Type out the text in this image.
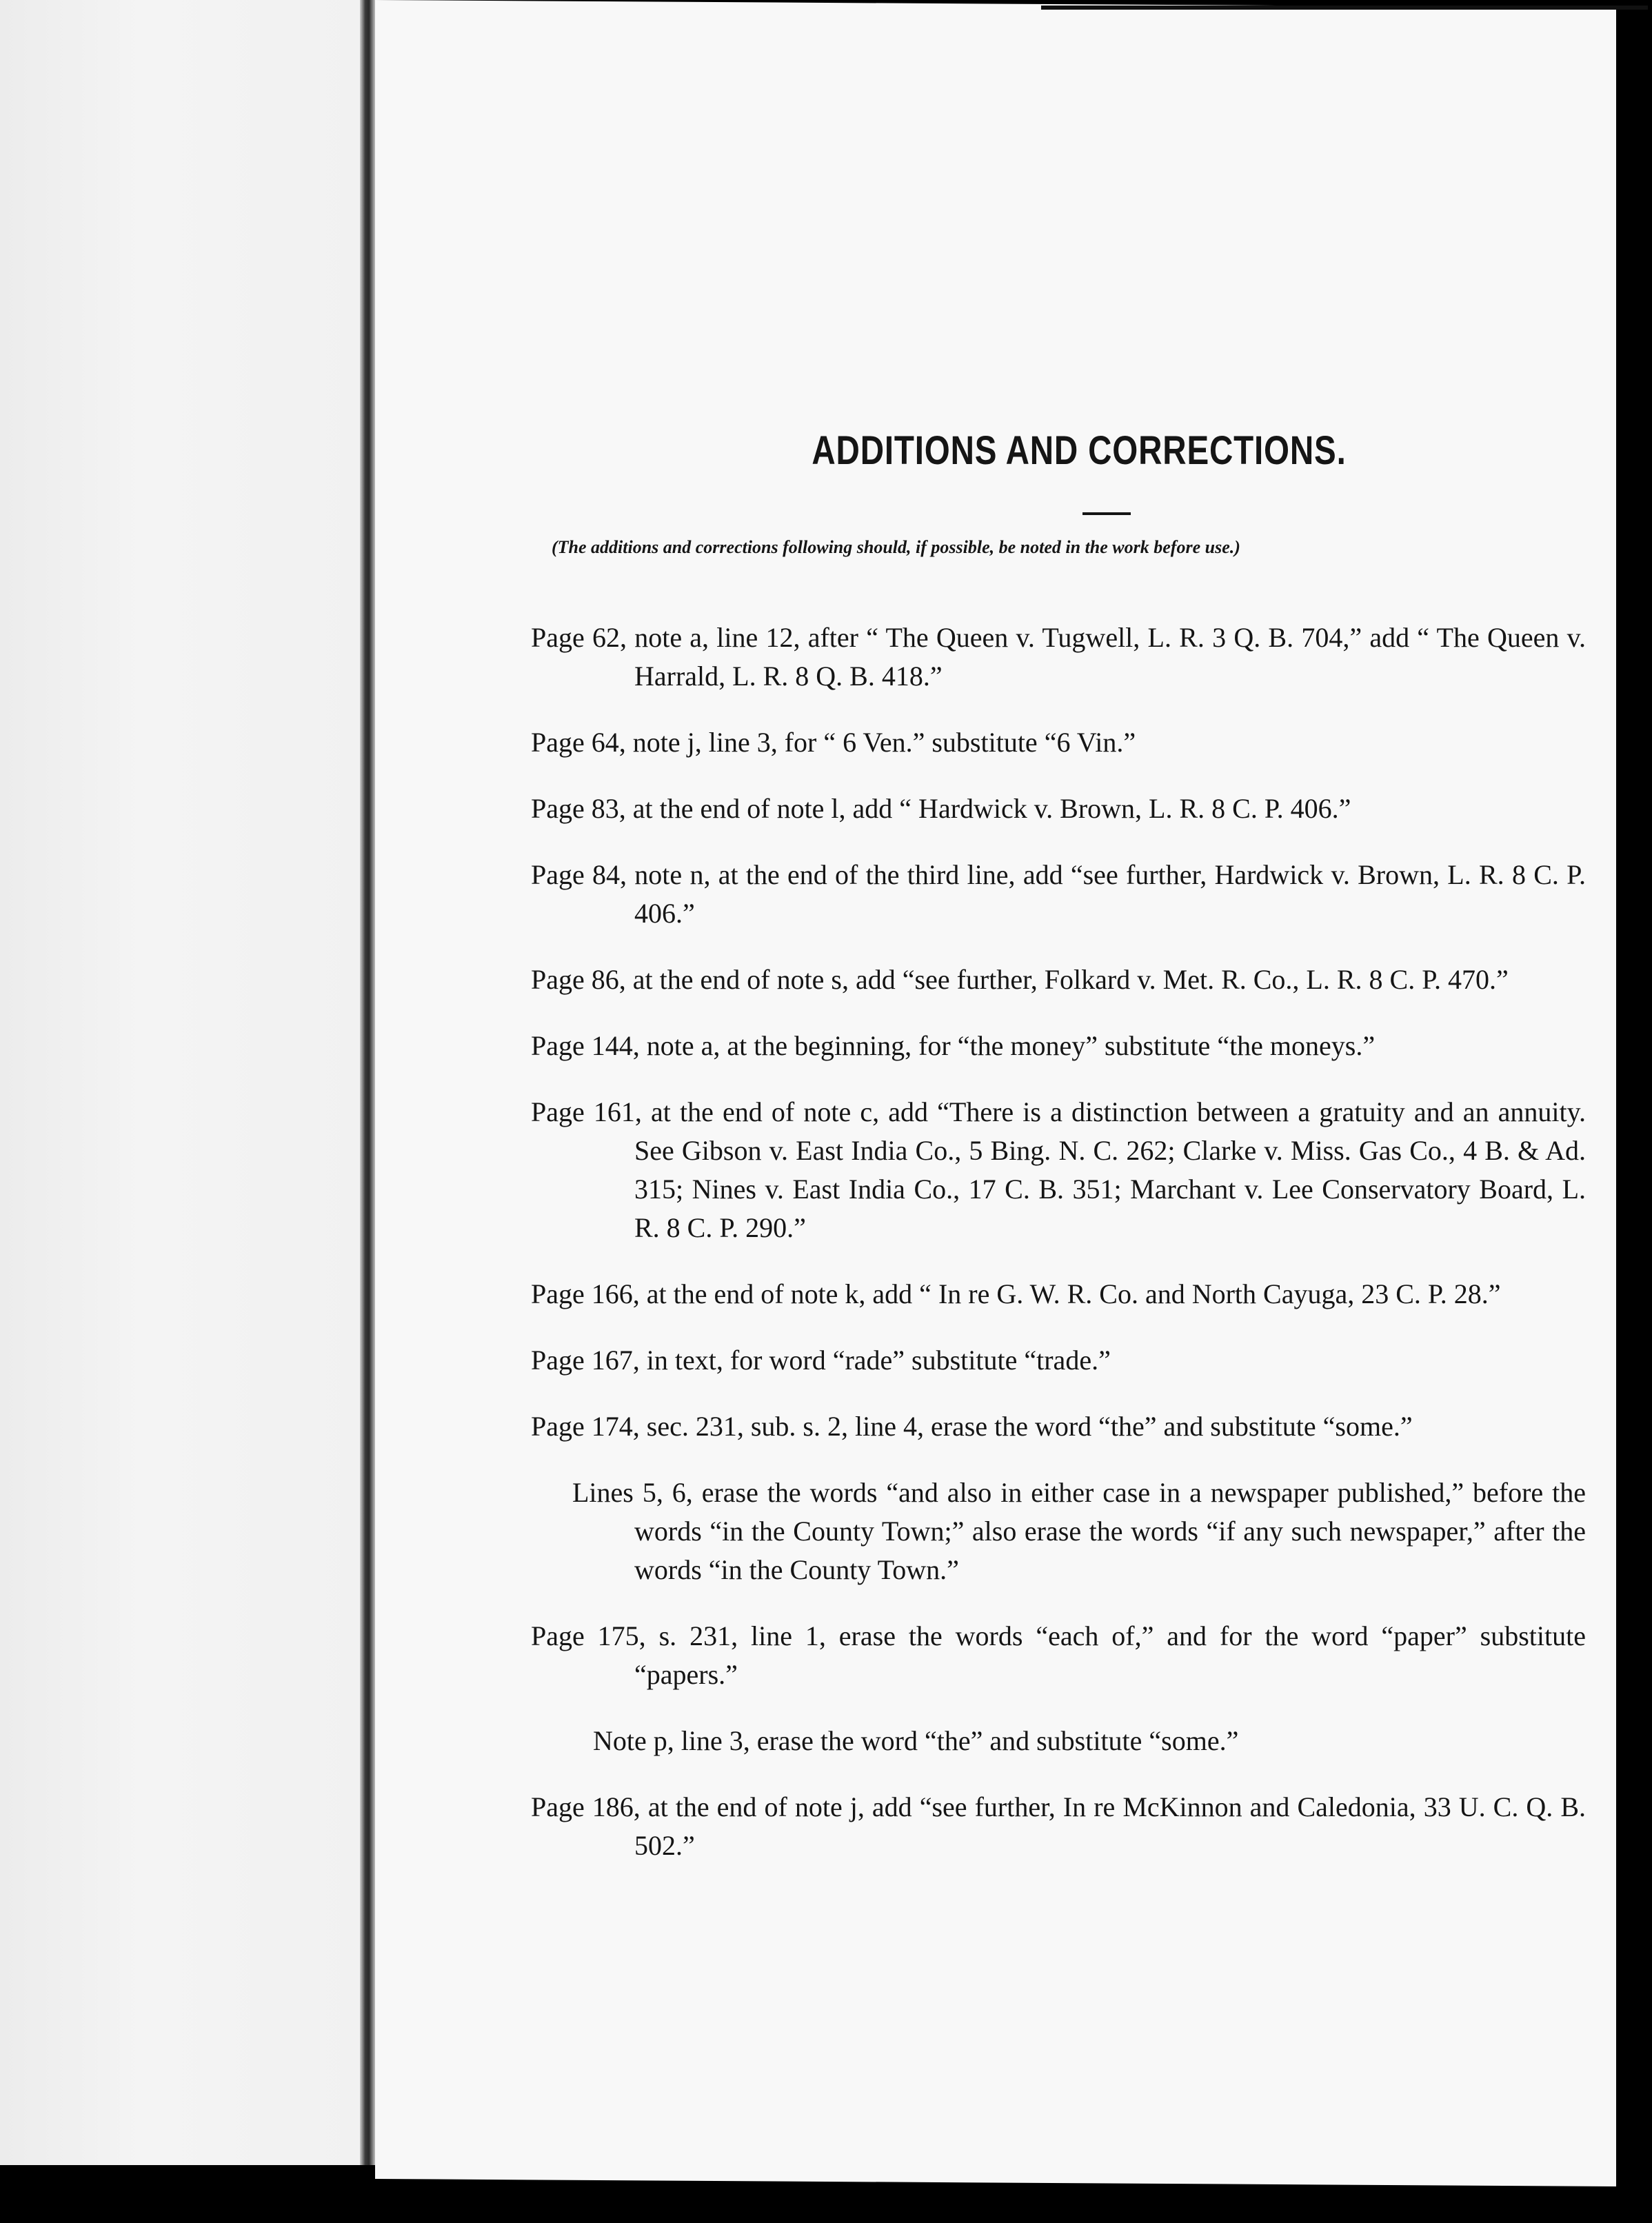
ADDITIONS AND CORRECTIONS.
(The additions and corrections following should, if possible, be noted in the work before use.)

Page 62, note a, line 12, after “ The Queen v. Tugwell, L. R. 3 Q. B. 704,” add “ The Queen v. Harrald, L. R. 8 Q. B. 418.”

Page 64, note j, line 3, for “ 6 Ven.” substitute “6 Vin.”

Page 83, at the end of note l, add “ Hardwick v. Brown, L. R. 8 C. P. 406.”

Page 84, note n, at the end of the third line, add “see further, Hardwick v. Brown, L. R. 8 C. P. 406.”

Page 86, at the end of note s, add “see further, Folkard v. Met. R. Co., L. R. 8 C. P. 470.”

Page 144, note a, at the beginning, for “the money” substitute “the moneys.”

Page 161, at the end of note c, add “There is a distinction between a gratuity and an annuity. See Gibson v. East India Co., 5 Bing. N. C. 262; Clarke v. Miss. Gas Co., 4 B. & Ad. 315; Nines v. East India Co., 17 C. B. 351; Marchant v. Lee Conservatory Board, L. R. 8 C. P. 290.”

Page 166, at the end of note k, add “ In re G. W. R. Co. and North Cayuga, 23 C. P. 28.”

Page 167, in text, for word “rade” substitute “trade.”

Page 174, sec. 231, sub. s. 2, line 4, erase the word “the” and substitute “some.”

Lines 5, 6, erase the words “and also in either case in a newspaper published,” before the words “in the County Town;” also erase the words “if any such newspaper,” after the words “in the County Town.”

Page 175, s. 231, line 1, erase the words “each of,” and for the word “paper” substitute “papers.”

Note p, line 3, erase the word “the” and substitute “some.”

Page 186, at the end of note j, add “see further, In re McKinnon and Caledonia, 33 U. C. Q. B. 502.”
